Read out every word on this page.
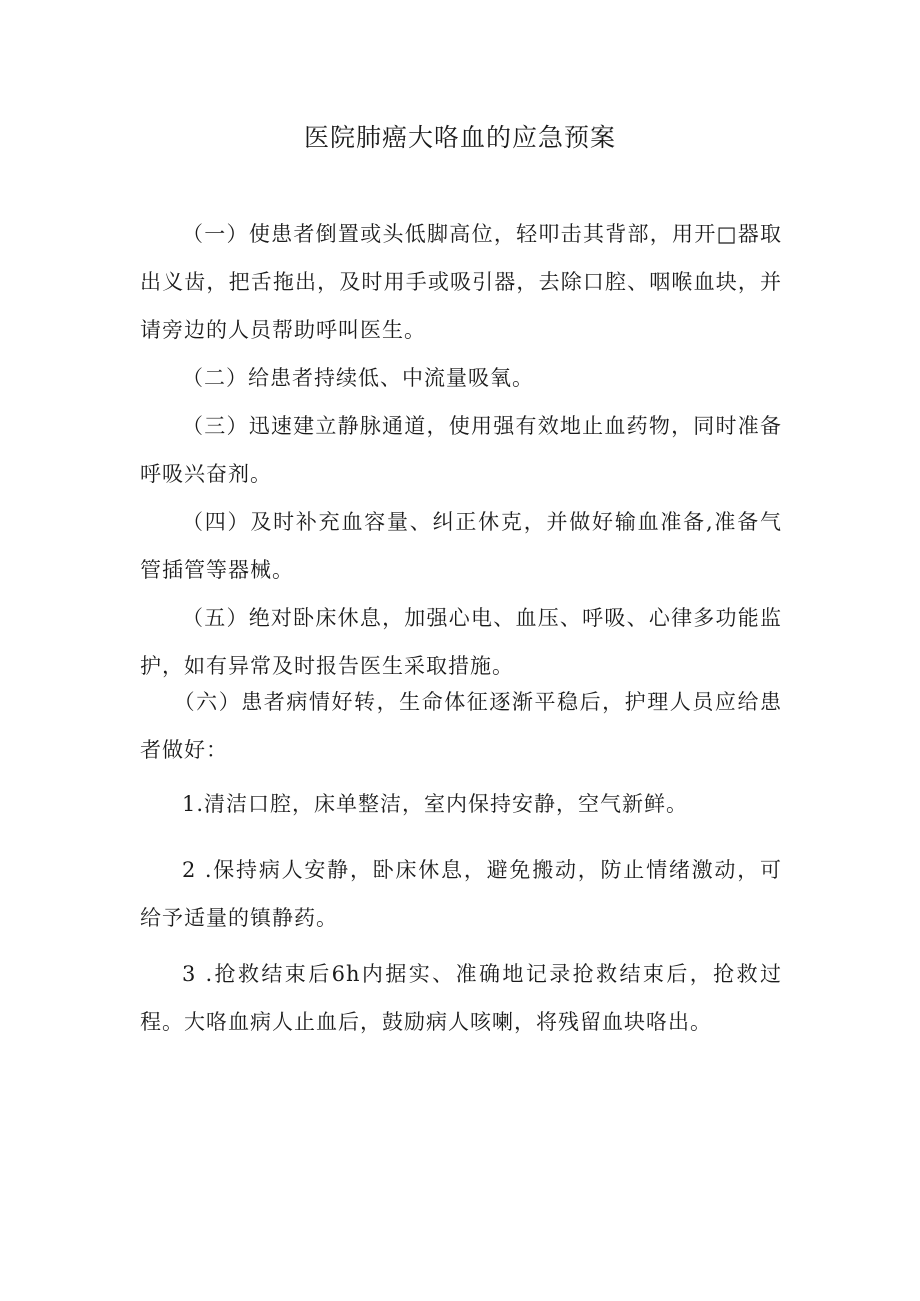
医院肺癌大咯血的应急预案

（一）使患者倒置或头低脚高位，轻叩击其背部，用开□器取出义齿，把舌拖出，及时用手或吸引器，去除口腔、咽喉血块，并请旁边的人员帮助呼叫医生。

（二）给患者持续低、中流量吸氧。

（三）迅速建立静脉通道，使用强有效地止血药物，同时准备呼吸兴奋剂。

（四）及时补充血容量、纠正休克，并做好输血准备,准备气管插管等器械。

（五）绝对卧床休息，加强心电、血压、呼吸、心律多功能监护，如有异常及时报告医生采取措施。

（六）患者病情好转，生命体征逐渐平稳后，护理人员应给患者做好：

1.清洁口腔，床单整洁，室内保持安静，空气新鲜。

2 .保持病人安静，卧床休息，避免搬动，防止情绪激动，可给予适量的镇静药。

3 .抢救结束后6h内据实、准确地记录抢救结束后，抢救过程。大咯血病人止血后，鼓励病人咳喇，将残留血块咯出。
